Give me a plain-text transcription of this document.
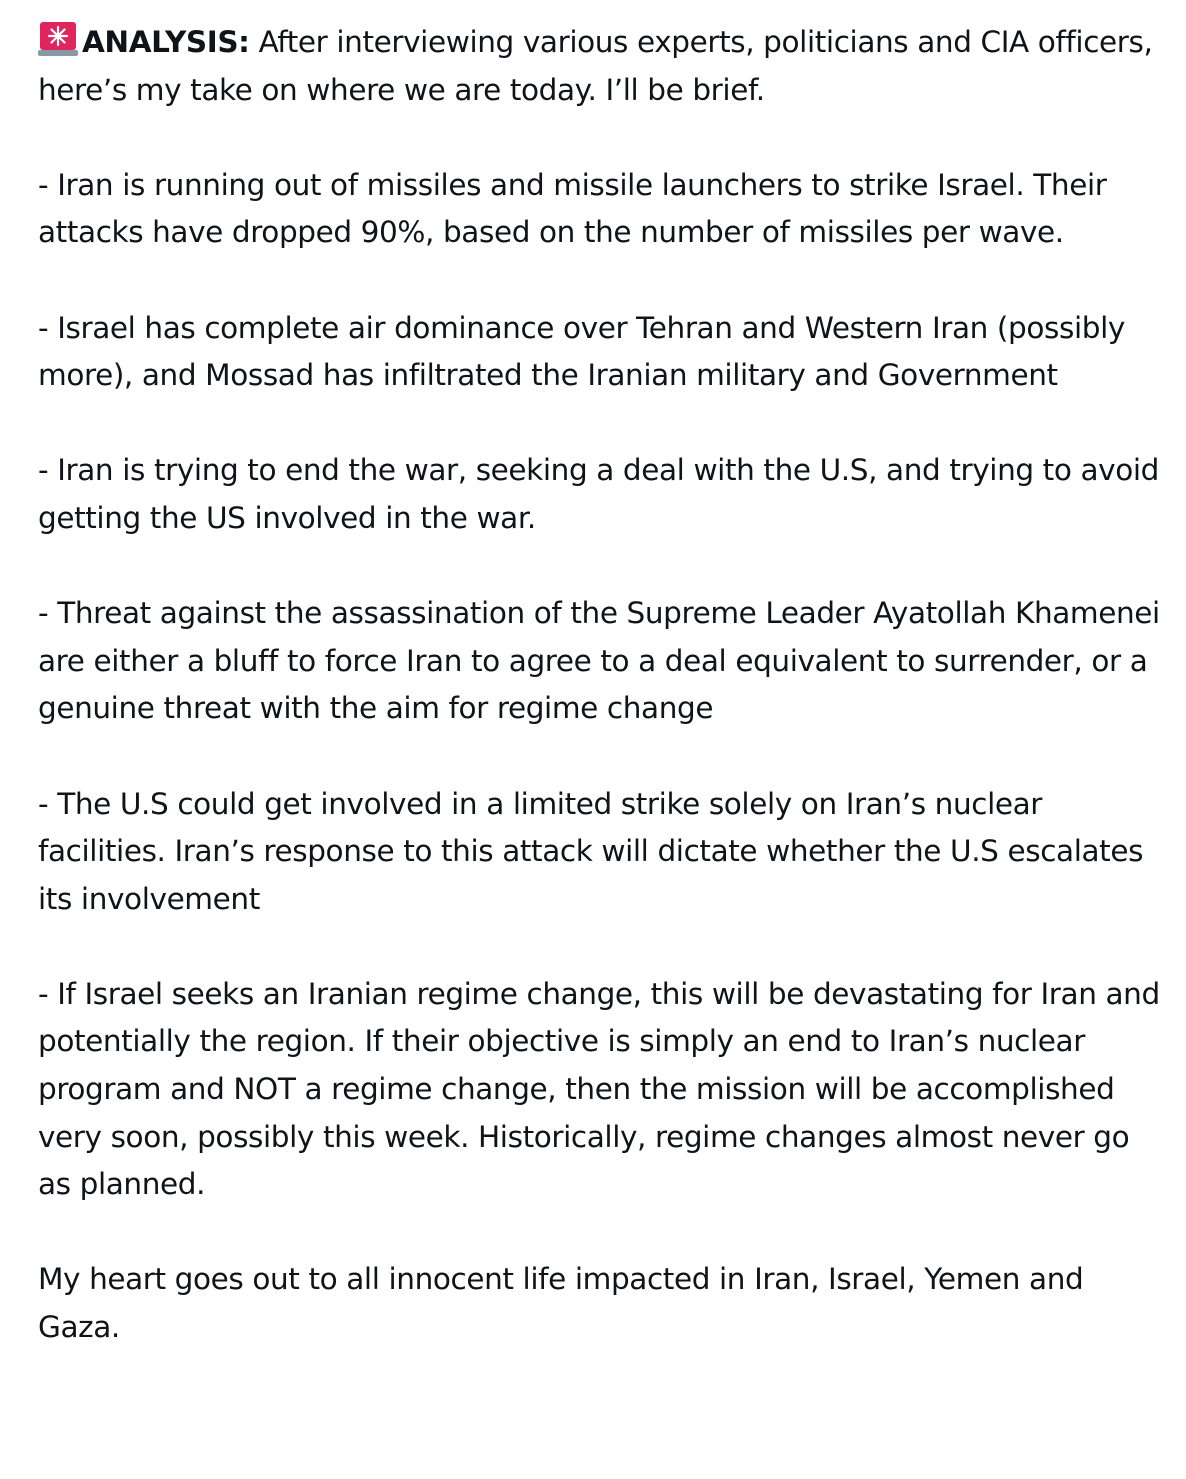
ANALYSIS: After interviewing various experts, politicians and CIA officers, here’s my take on where we are today. I’ll be brief.

- Iran is running out of missiles and missile launchers to strike Israel. Their attacks have dropped 90%, based on the number of missiles per wave.

- Israel has complete air dominance over Tehran and Western Iran (possibly more), and Mossad has infiltrated the Iranian military and Government

- Iran is trying to end the war, seeking a deal with the U.S, and trying to avoid getting the US involved in the war.

- Threat against the assassination of the Supreme Leader Ayatollah Khamenei are either a bluff to force Iran to agree to a deal equivalent to surrender, or a genuine threat with the aim for regime change

- The U.S could get involved in a limited strike solely on Iran’s nuclear facilities. Iran’s response to this attack will dictate whether the U.S escalates its involvement

- If Israel seeks an Iranian regime change, this will be devastating for Iran and potentially the region. If their objective is simply an end to Iran’s nuclear program and NOT a regime change, then the mission will be accomplished very soon, possibly this week. Historically, regime changes almost never go as planned.

My heart goes out to all innocent life impacted in Iran, Israel, Yemen and Gaza.
